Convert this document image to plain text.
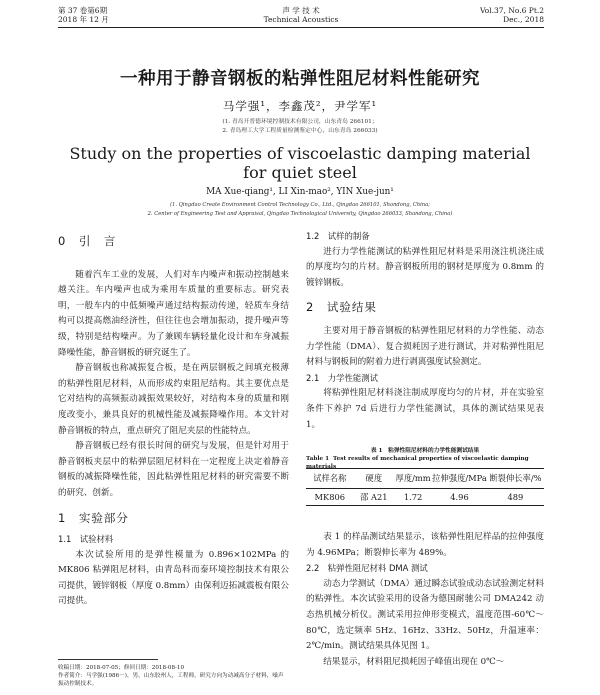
第 37 卷第6期
2018 年 12 月
声 学 技 术
Technical Acoustics
Vol.37, No.6 Pt.2
Dec., 2018
一种用于静音钢板的粘弹性阻尼材料性能研究
马学强¹，李鑫茂²，尹学军¹
(1. 青岛开普德环境控制技术有限公司，山东青岛 266101；
2. 青岛理工大学工程质量检测鉴定中心，山东青岛 266033)
Study on the properties of viscoelastic damping material
for quiet steel
MA Xue-qiang¹, LI Xin-mao², YIN Xue-jun¹
(1. Qingdao Create Environment Control Technology Co., Ltd., Qingdao 266101, Shandong, China;
2. Center of Engineering Test and Appraisal, Qingdao Technological University, Qingdao 266033, Shandong, China)
0　引　言

随着汽车工业的发展，人们对车内噪声和振动控制越来越关注。车内噪声也成为乘用车质量的重要标志。研究表明，一般车内的中低频噪声通过结构振动传递，轻质车身结构可以提高燃油经济性，但往往也会增加振动，提升噪声等级，特别是结构噪声。为了兼顾车辆轻量化设计和车身减振降噪性能，静音钢板的研究诞生了。

静音钢板也称减振复合板，是在两层钢板之间填充极薄的粘弹性阻尼材料，从而形成约束阻尼结构。其主要优点是它对结构的高频振动减振效果较好，对结构本身的质量和刚度改变小，兼具良好的机械性能及减振降噪作用。本文针对静音钢板的特点，重点研究了阻尼夹层的性能特点。

静音钢板已经有很长时间的研究与发展，但是针对用于静音钢板夹层中的粘弹层阻尼材料在一定程度上决定着静音钢板的减振降噪性能，因此粘弹性阻尼材料的研究需要不断的研究、创新。

1　实验部分
1.1　试验材料

本次试验所用的是弹性模量为 0.896×102MPa 的 MK806 粘弹阻尼材料，由青岛科而泰环境控制技术有限公司提供，镀锌钢板（厚度 0.8mm）由保利迈拓减震板有限公司提供。

1.2　试样的制备

进行力学性能测试的粘弹性阻尼材料是采用浇注机浇注成的厚度均匀的片材。静音钢板所用的钢材是厚度为 0.8mm 的镀锌钢板。

2　试验结果

主要对用于静音钢板的粘弹性阻尼材料的力学性能、动态力学性能（DMA）、复合损耗因子进行测试，并对粘弹性阻尼材料与钢板间的附着力进行剥离强度试验测定。

2.1　力学性能测试

将粘弹性阻尼材料浇注制成厚度均匀的片材，并在实验室条件下养护 7d 后进行力学性能测试，具体的测试结果见表 1。

表 1　粘弹性阻尼材料的力学性能测试结果
Table 1 Test results of mechanical properties of viscoelastic damping materials
试样名称	硬度	厚度/mm	拉伸强度/MPa	断裂伸长率/%
MK806	邵 A21	1.72	4.96	489

表 1 的样品测试结果显示，该粘弹性阻尼样品的拉伸强度为 4.96MPa；断裂伸长率为 489%。

2.2　粘弹性阻尼材料 DMA 测试

动态力学测试（DMA）通过瞬态试验成动态试验测定材料的粘弹性。本次试验采用的设备为德国耐驰公司 DMA242 动态热机械分析仪。测试采用拉伸形变模式，温度范围-60℃～80℃，选定频率 5Hz、16Hz、33Hz、50Hz，升温速率：2℃/min。测试结果具体见图 1。

结果显示，材料阻尼损耗因子峰值出现在 0℃～

收稿日期：2018-07-05；修回日期：2018-08-10
作者简介：马学强(1986－)，男，山东胶州人，工程师，研究方向为动减高分子材料，噪声振动控制技术。
